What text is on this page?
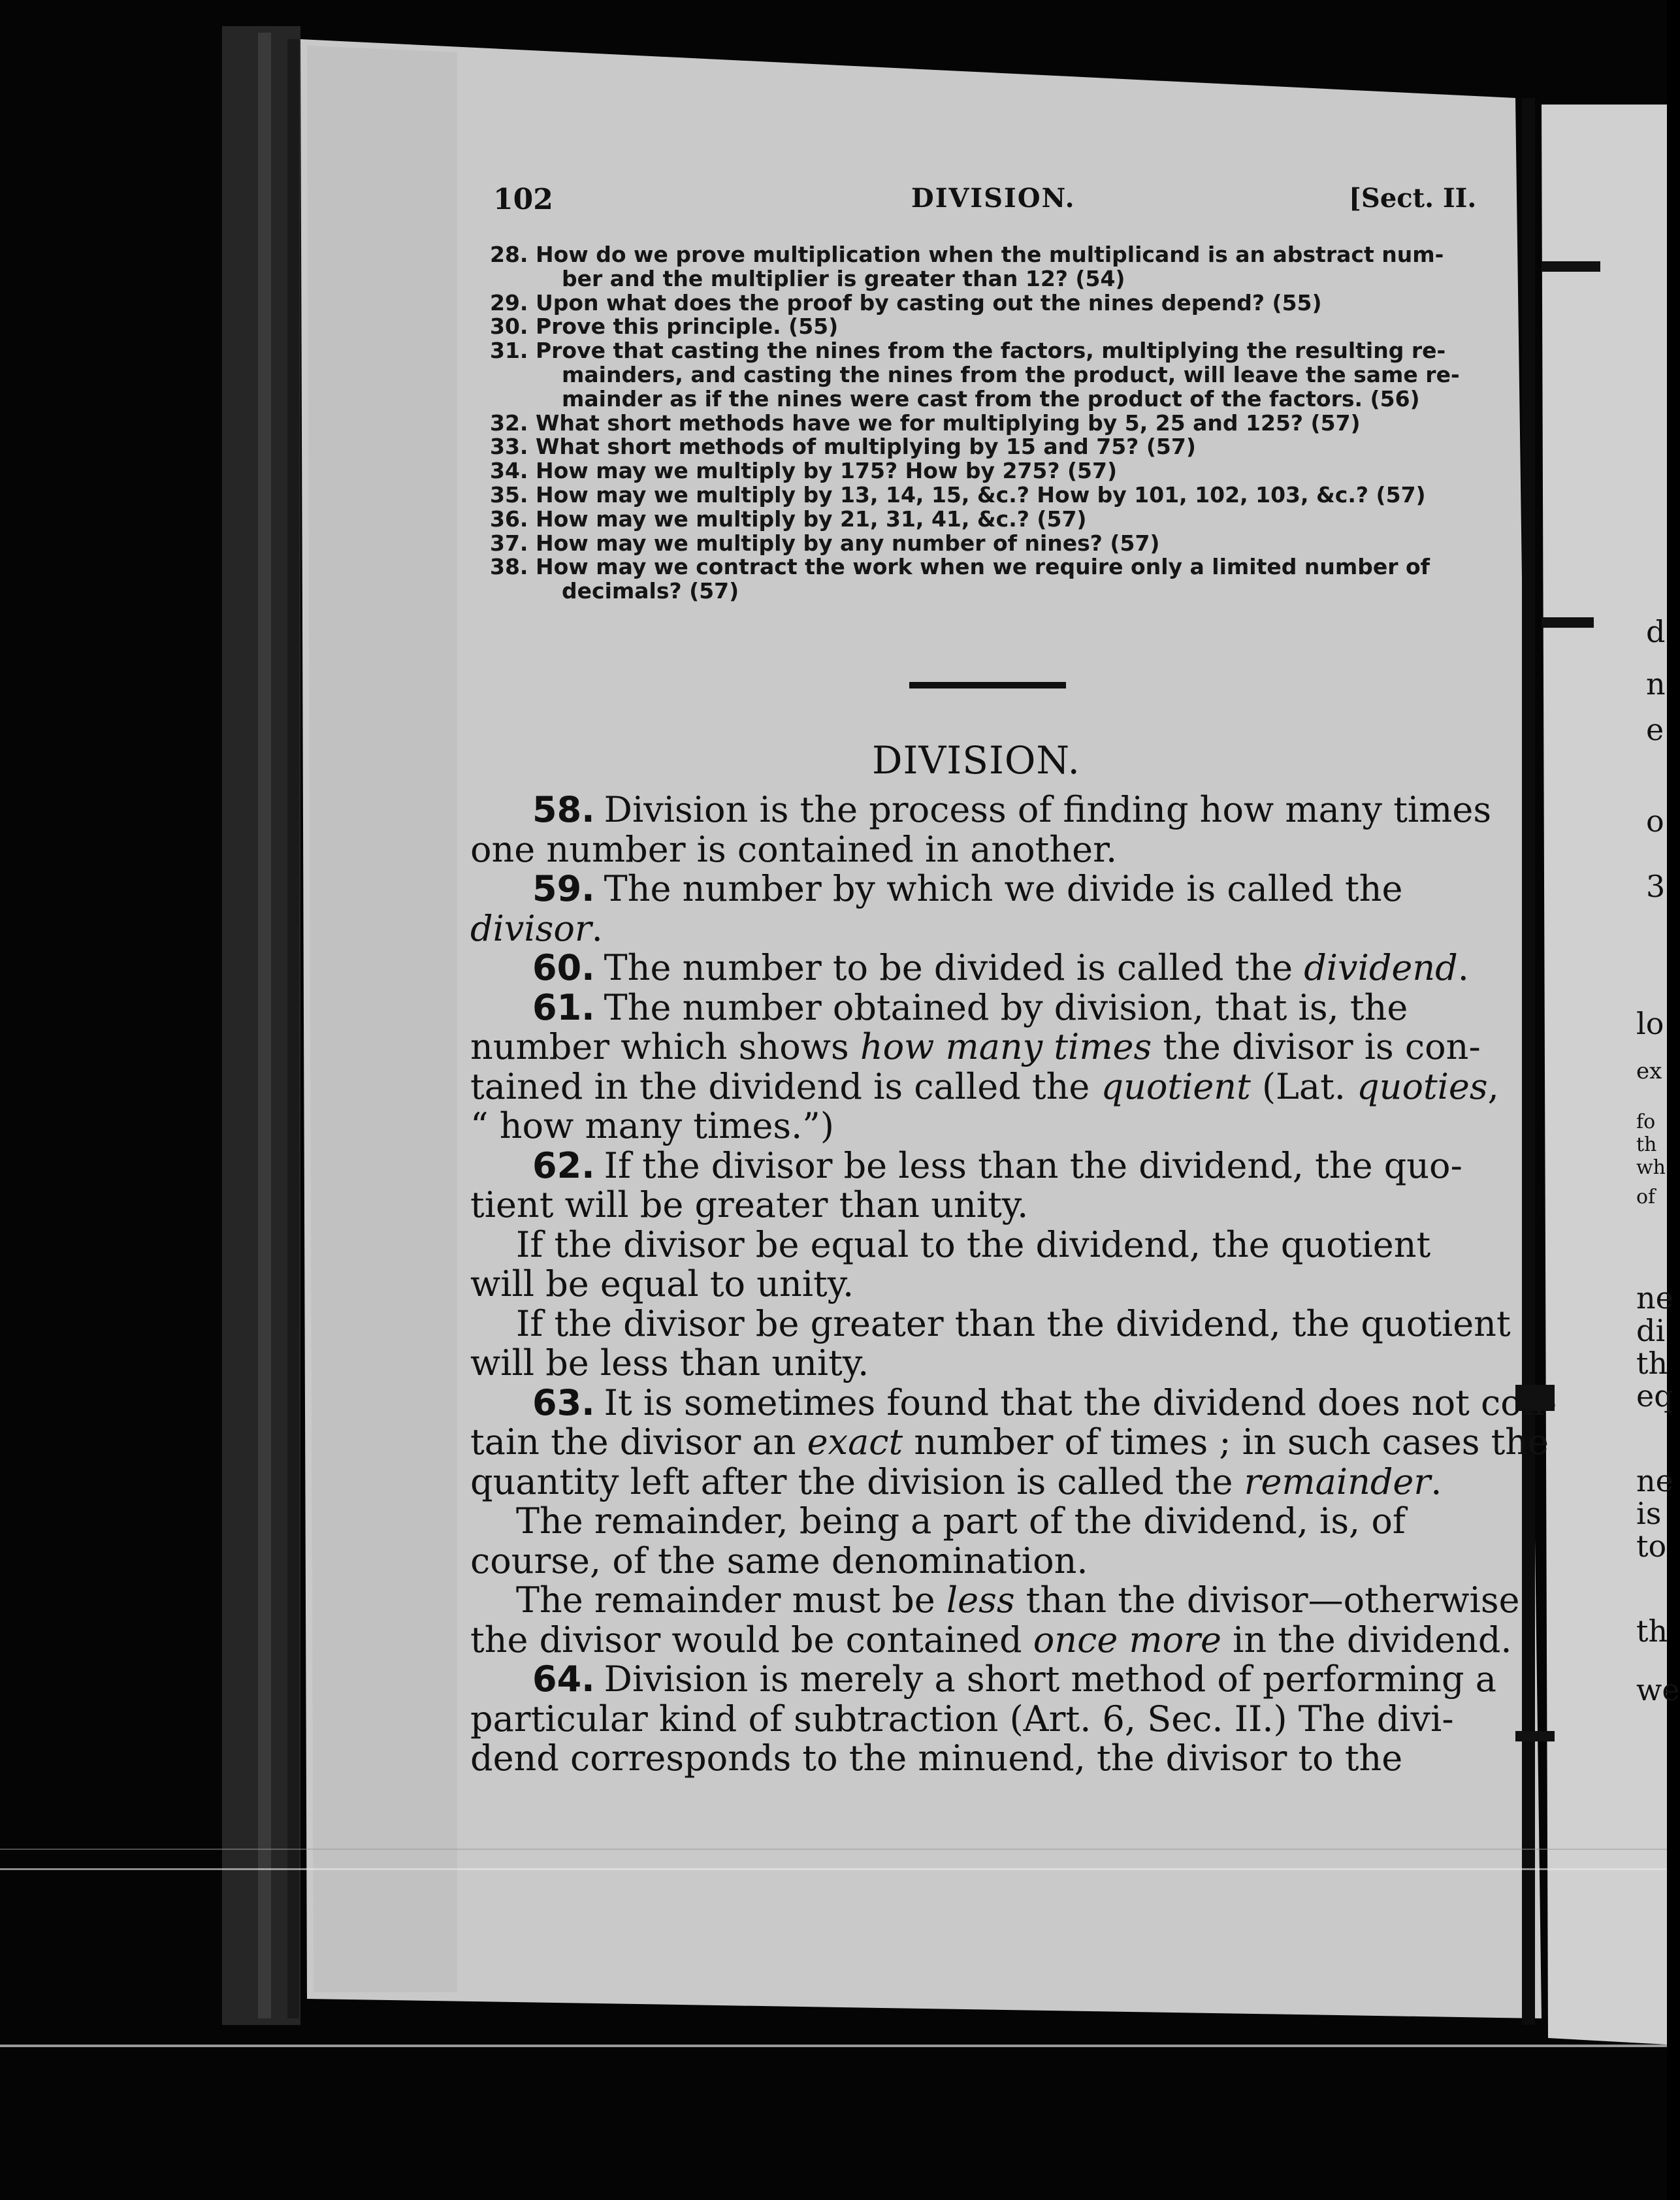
102	DIVISION.	[Sect. II.
28. How do we prove multiplication when the multiplicand is an abstract num-
ber and the multiplier is greater than 12? (54)
29. Upon what does the proof by casting out the nines depend? (55)
30. Prove this principle. (55)
31. Prove that casting the nines from the factors, multiplying the resulting re-
mainders, and casting the nines from the product, will leave the same re-
mainder as if the nines were cast from the product of the factors. (56)
32. What short methods have we for multiplying by 5, 25 and 125? (57)
33. What short methods of multiplying by 15 and 75? (57)
34. How may we multiply by 175? How by 275? (57)
35. How may we multiply by 13, 14, 15, &c.? How by 101, 102, 103, &c.? (57)
36. How may we multiply by 21, 31, 41, &c.? (57)
37. How may we multiply by any number of nines? (57)
38. How may we contract the work when we require only a limited number of
decimals? (57)
DIVISION.
58. Division is the process of finding how many times
one number is contained in another.
59. The number by which we divide is called the
divisor.
60. The number to be divided is called the dividend.
61. The number obtained by division, that is, the
number which shows how many times the divisor is con-
tained in the dividend is called the quotient (Lat. quoties,
“ how many times.”)
62. If the divisor be less than the dividend, the quo-
tient will be greater than unity.
If the divisor be equal to the dividend, the quotient
will be equal to unity.
If the divisor be greater than the dividend, the quotient
will be less than unity.
63. It is sometimes found that the dividend does not con-
tain the divisor an exact number of times ; in such cases the
quantity left after the division is called the remainder.
The remainder, being a part of the dividend, is, of
course, of the same denomination.
The remainder must be less than the divisor—otherwise
the divisor would be contained once more in the dividend.
64. Division is merely a short method of performing a
particular kind of subtraction (Art. 6, Sec. II.) The divi-
dend corresponds to the minuend, the divisor to the
d
n
e
o
3
lo
ex
fo
th
wh
of
ne
di
th
eq
ne
is
to
th
we
